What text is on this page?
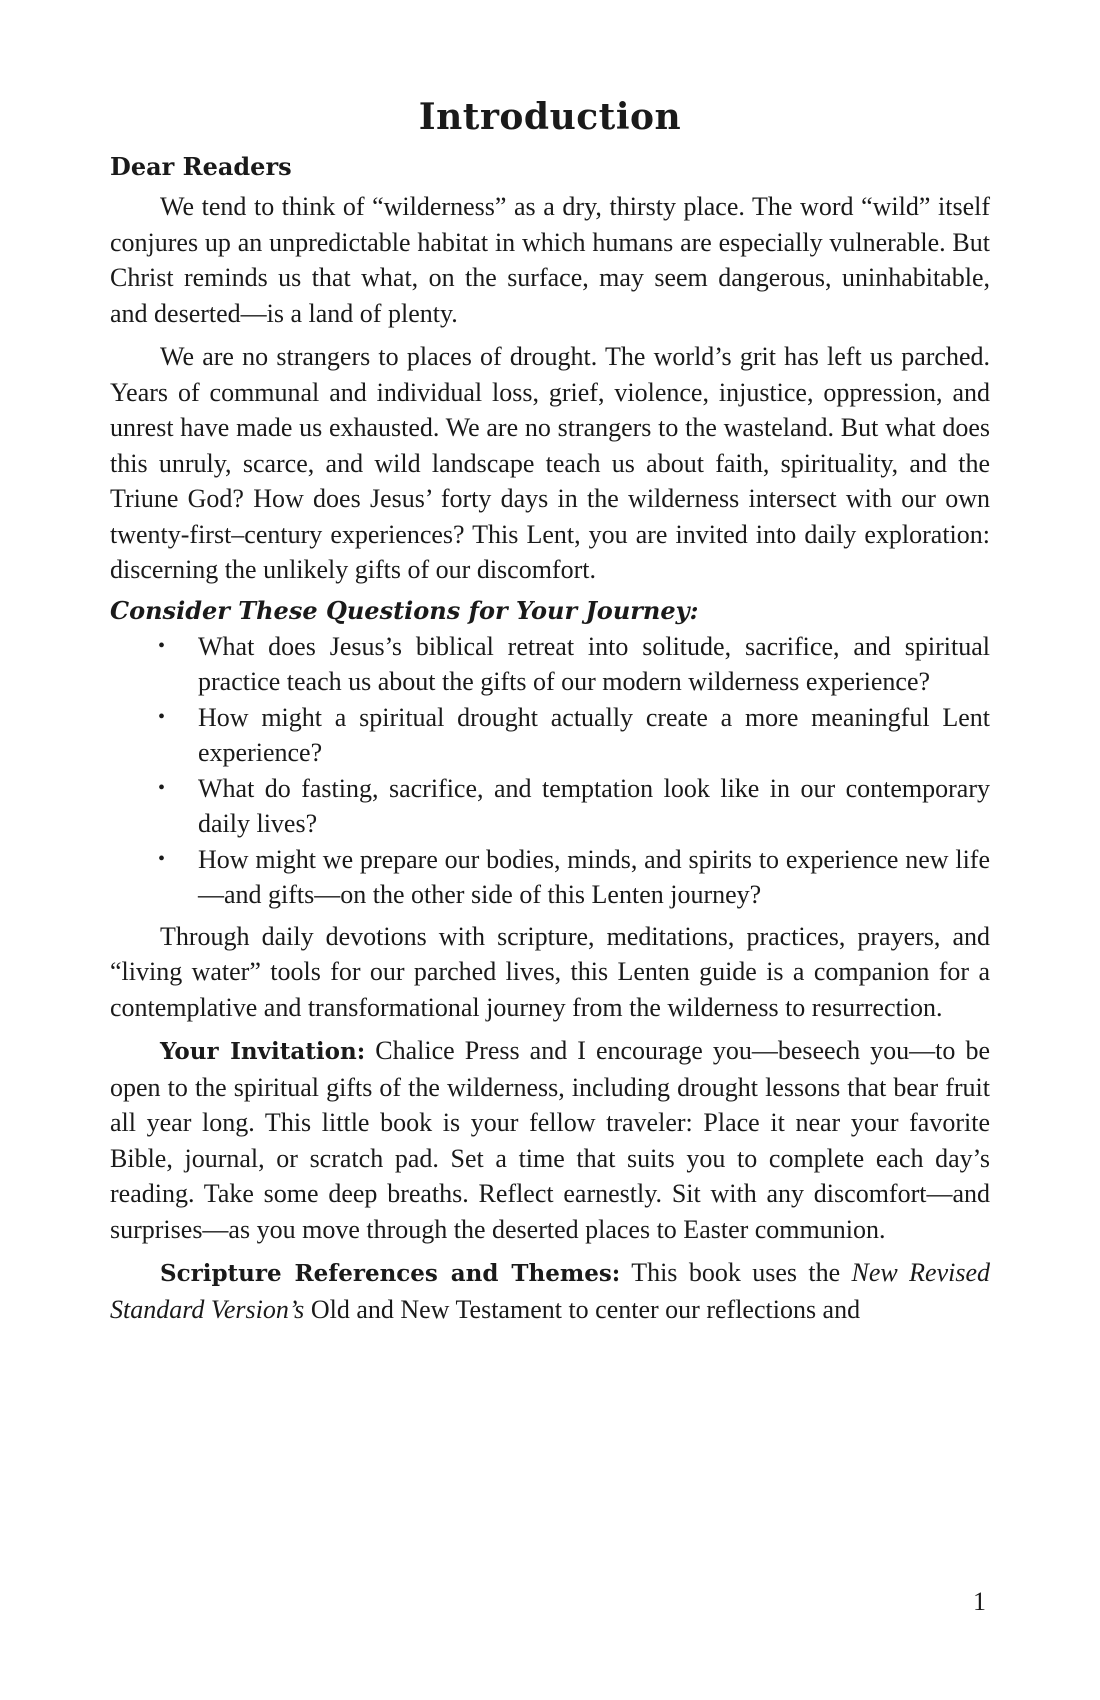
Introduction
Dear Readers

We tend to think of “wilderness” as a dry, thirsty place. The word “wild” itself conjures up an unpredictable habitat in which humans are especially vulnerable. But Christ reminds us that what, on the surface, may seem dangerous, uninhabitable, and deserted—is a land of plenty.

We are no strangers to places of drought. The world’s grit has left us parched. Years of communal and individual loss, grief, violence, injustice, oppression, and unrest have made us exhausted. We are no strangers to the wasteland. But what does this unruly, scarce, and wild landscape teach us about faith, spirituality, and the Triune God? How does Jesus’ forty days in the wilderness intersect with our own twenty-first–century experiences? This Lent, you are invited into daily exploration: discerning the unlikely gifts of our discomfort.

Consider These Questions for Your Journey:
• What does Jesus’s biblical retreat into solitude, sacrifice, and spiritual practice teach us about the gifts of our modern wilderness experience?
• How might a spiritual drought actually create a more meaningful Lent experience?
• What do fasting, sacrifice, and temptation look like in our contemporary daily lives?
• How might we prepare our bodies, minds, and spirits to experience new life—and gifts—on the other side of this Lenten journey?

Through daily devotions with scripture, meditations, practices, prayers, and “living water” tools for our parched lives, this Lenten guide is a companion for a contemplative and transformational journey from the wilderness to resurrection.

Your Invitation: Chalice Press and I encourage you—beseech you—to be open to the spiritual gifts of the wilderness, including drought lessons that bear fruit all year long. This little book is your fellow traveler: Place it near your favorite Bible, journal, or scratch pad. Set a time that suits you to complete each day’s reading. Take some deep breaths. Reflect earnestly. Sit with any discomfort—and surprises—as you move through the deserted places to Easter communion.

Scripture References and Themes: This book uses the New Revised Standard Version’s Old and New Testament to center our reflections and

1
